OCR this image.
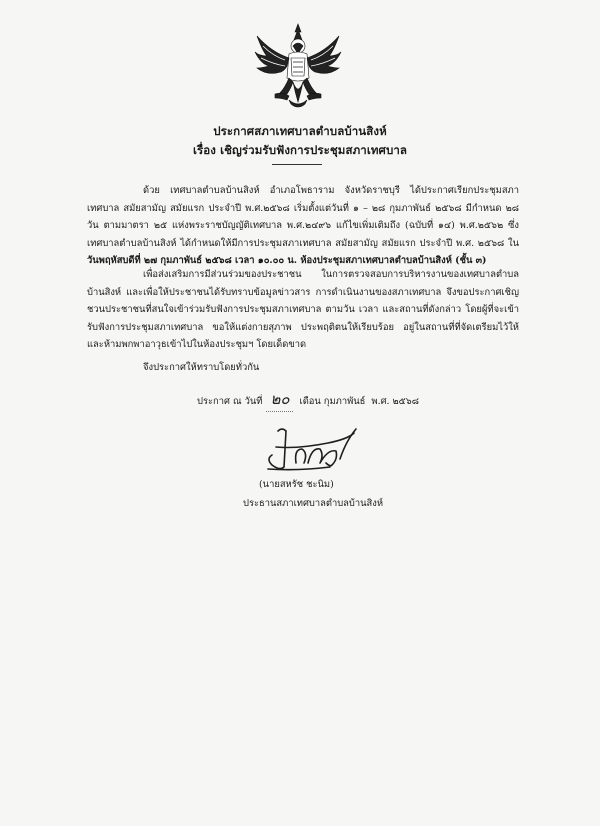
ประกาศสภาเทศบาลตำบลบ้านสิงห์
เรื่อง เชิญร่วมรับฟังการประชุมสภาเทศบาล
ด้วย เทศบาลตำบลบ้านสิงห์ อำเภอโพธาราม จังหวัดราชบุรี ได้ประกาศเรียกประชุมสภาเทศบาล สมัยสามัญ สมัยแรก ประจำปี พ.ศ.๒๕๖๘ เริ่มตั้งแต่วันที่ ๑ – ๒๘ กุมภาพันธ์ ๒๕๖๘ มีกำหนด ๒๘ วัน ตามมาตรา ๒๕ แห่งพระราชบัญญัติเทศบาล พ.ศ.๒๔๙๖ แก้ไขเพิ่มเติมถึง (ฉบับที่ ๑๔) พ.ศ.๒๕๖๒ ซึ่งเทศบาลตำบลบ้านสิงห์ ได้กำหนดให้มีการประชุมสภาเทศบาล สมัยสามัญ สมัยแรก ประจำปี พ.ศ. ๒๕๖๘ ในวันพฤหัสบดีที่ ๒๗ กุมภาพันธ์ ๒๕๖๘ เวลา ๑๐.๐๐ น. ห้องประชุมสภาเทศบาลตำบลบ้านสิงห์ (ชั้น ๓)
เพื่อส่งเสริมการมีส่วนร่วมของประชาชน ในการตรวจสอบการบริหารงานของเทศบาลตำบลบ้านสิงห์ และเพื่อให้ประชาชนได้รับทราบข้อมูลข่าวสาร การดำเนินงานของสภาเทศบาล จึงขอประกาศเชิญชวนประชาชนที่สนใจเข้าร่วมรับฟังการประชุมสภาเทศบาล ตามวัน เวลา และสถานที่ดังกล่าว โดยผู้ที่จะเข้ารับฟังการประชุมสภาเทศบาล ขอให้แต่งกายสุภาพ ประพฤติตนให้เรียบร้อย อยู่ในสถานที่ที่จัดเตรียมไว้ให้ และห้ามพกพาอาวุธเข้าไปในห้องประชุมฯ โดยเด็ดขาด
จึงประกาศให้ทราบโดยทั่วกัน
ประกาศ ณ วันที่ ๒๐ เดือน กุมภาพันธ์ พ.ศ. ๒๕๖๘
(นายสหรัช ชะนิม)
ประธานสภาเทศบาลตำบลบ้านสิงห์
